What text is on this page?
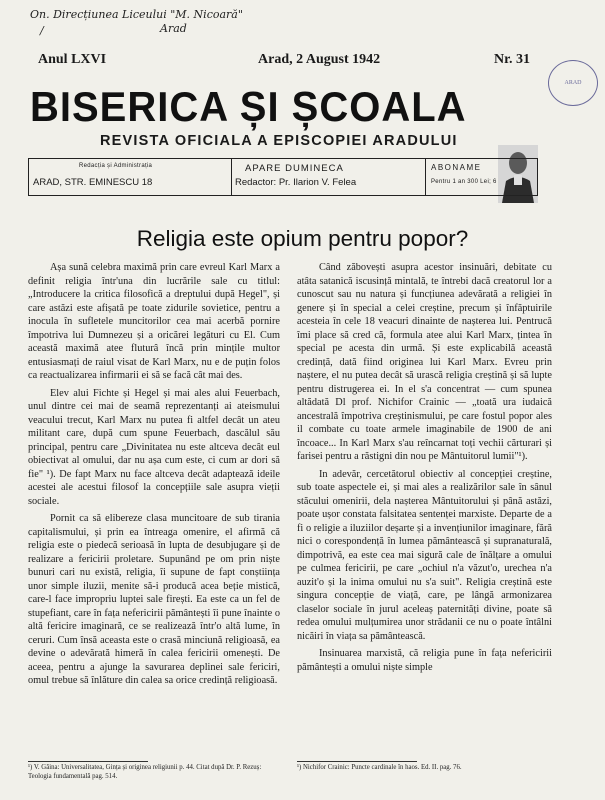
On. Direcțiunea Liceului "M. Nicoară"
Arad
/
ARAD
Anul LXVI	Arad, 2 August 1942	Nr. 31
BISERICA ȘI ȘCOALA
REVISTA OFICIALA A EPISCOPIEI ARADULUI
Redacția și Administrația
ARAD, STR. EMINESCU 18
APARE DUMINECA
Redactor: Pr. Ilarion V. Felea
ABONAME
Pentru 1 an 300 Lei; 6
Religia este opium pentru popor?

Așa sună celebra maximă prin care evreul Karl Marx a definit religia într'una din lucrările sale cu titlul: „Introducere la critica filosofică a dreptului după Hegel", și care astăzi este afișată pe toate zidurile sovietice, pentru a inocula în sufletele muncitorilor cea mai acerbă pornire împotriva lui Dumnezeu și a oricărei legături cu El. Cum această maximă atee fluturâ încă prin mințile multor entusiasmați de raiul visat de Karl Marx, nu e de puțin folos ca reactualizarea infirmarii ei să se facă cât mai des.

Elev alui Fichte și Hegel și mai ales alui Feuerbach, unul dintre cei mai de seamă reprezentanți ai ateismului veacului trecut, Karl Marx nu putea fi altfel decât un ateu militant care, după cum spune Feuerbach, dascălul său principal, pentru care „Divinitatea nu este altceva decât eul obiectivat al omului, dar nu așa cum este, ci cum ar dori să fie" ¹). De fapt Marx nu face altceva decât adaptează ideile acestei ale acestui filosof la concepțiile sale asupra vieții sociale.

Pornit ca să elibereze clasa muncitoare de sub tirania capitalismului, și prin ea întreaga omenire, el afirmă că religia este o piedecă serioasă în lupta de desubjugare și de realizare a fericirii proletare. Supunând pe om prin niște bunuri cari nu există, religia, îi supune de fapt conștiința unor simple iluzii, menite să-i producă acea beție mistică, care-l face impropriu luptei sale firești. Ea este ca un fel de stupefiant, care în fața nefericirii pământești îi pune înainte o altă fericire imaginară, ce se realizează într'o altă lume, în ceruri. Cum însă aceasta este o crasă minciună religioasă, ea devine o adevărată himeră în calea fericirii omenești. De aceea, pentru a ajunge la savurarea deplinei sale fericiri, omul trebue să înlăture din calea sa orice credință religioasă.

Când zăbovești asupra acestor insinuări, debitate cu atâta satanică iscusință mintală, te întrebi dacă creatorul lor a cunoscut sau nu natura și funcțiunea adevărată a religiei în genere și în special a celei creștine, precum și înfăptuirile acesteia în cele 18 veacuri dinainte de nașterea lui. Pentrucă îmi place să cred că, formula atee alui Karl Marx, țintea în special pe acesta din urmă. Și este explicabilă această credință, dată fiind originea lui Karl Marx. Evreu prin naștere, el nu putea decât să urască religia creștină și să lupte pentru distrugerea ei. In el s'a concentrat — cum spunea altădată Dl prof. Nichifor Crainic — „toată ura iudaică ancestrală împotriva creștinismului, pe care fostul popor ales il combate cu toate armele imaginabile de 1900 de ani încoace... In Karl Marx s'au reîncarnat toți vechii cărturari și farisei pentru a răstigni din nou pe Mântuitorul lumii"¹).

In adevăr, cercetătorul obiectiv al concepției creștine, sub toate aspectele ei, și mai ales a realizărilor sale în sânul stăcului omenirii, dela nașterea Mântuitorului și până astăzi, poate ușor constata falsitatea sentenței marxiste. Departe de a fi o religie a iluziilor deșarte și a invențiunilor imaginare, fără nici o corespondență în lumea pământească și supranaturală, dimpotrivă, ea este cea mai sigură cale de înălțare a omului pe culmea fericirii, pe care „ochiul n'a văzut'o, urechea n'a auzit'o și la inima omului nu s'a suit". Religia creștină este singura concepție de viață, care, pe lângă armonizarea claselor sociale în jurul aceleaș paternități divine, poate să redea omului mulțumirea unor strădanii ce nu o poate întâlni nicăiri în viața sa pământească.

Insinuarea marxistă, că religia pune în fața nefericirii pământești a omului niște simple

¹) V. Găina: Universalitatea, Gința și originea religiunii p. 44. Citat după Dr. P. Rezuș: Teologia fundamentală pag. 514.
¹) Nichifor Crainic: Puncte cardinale în haos. Ed. II. pag. 76.
